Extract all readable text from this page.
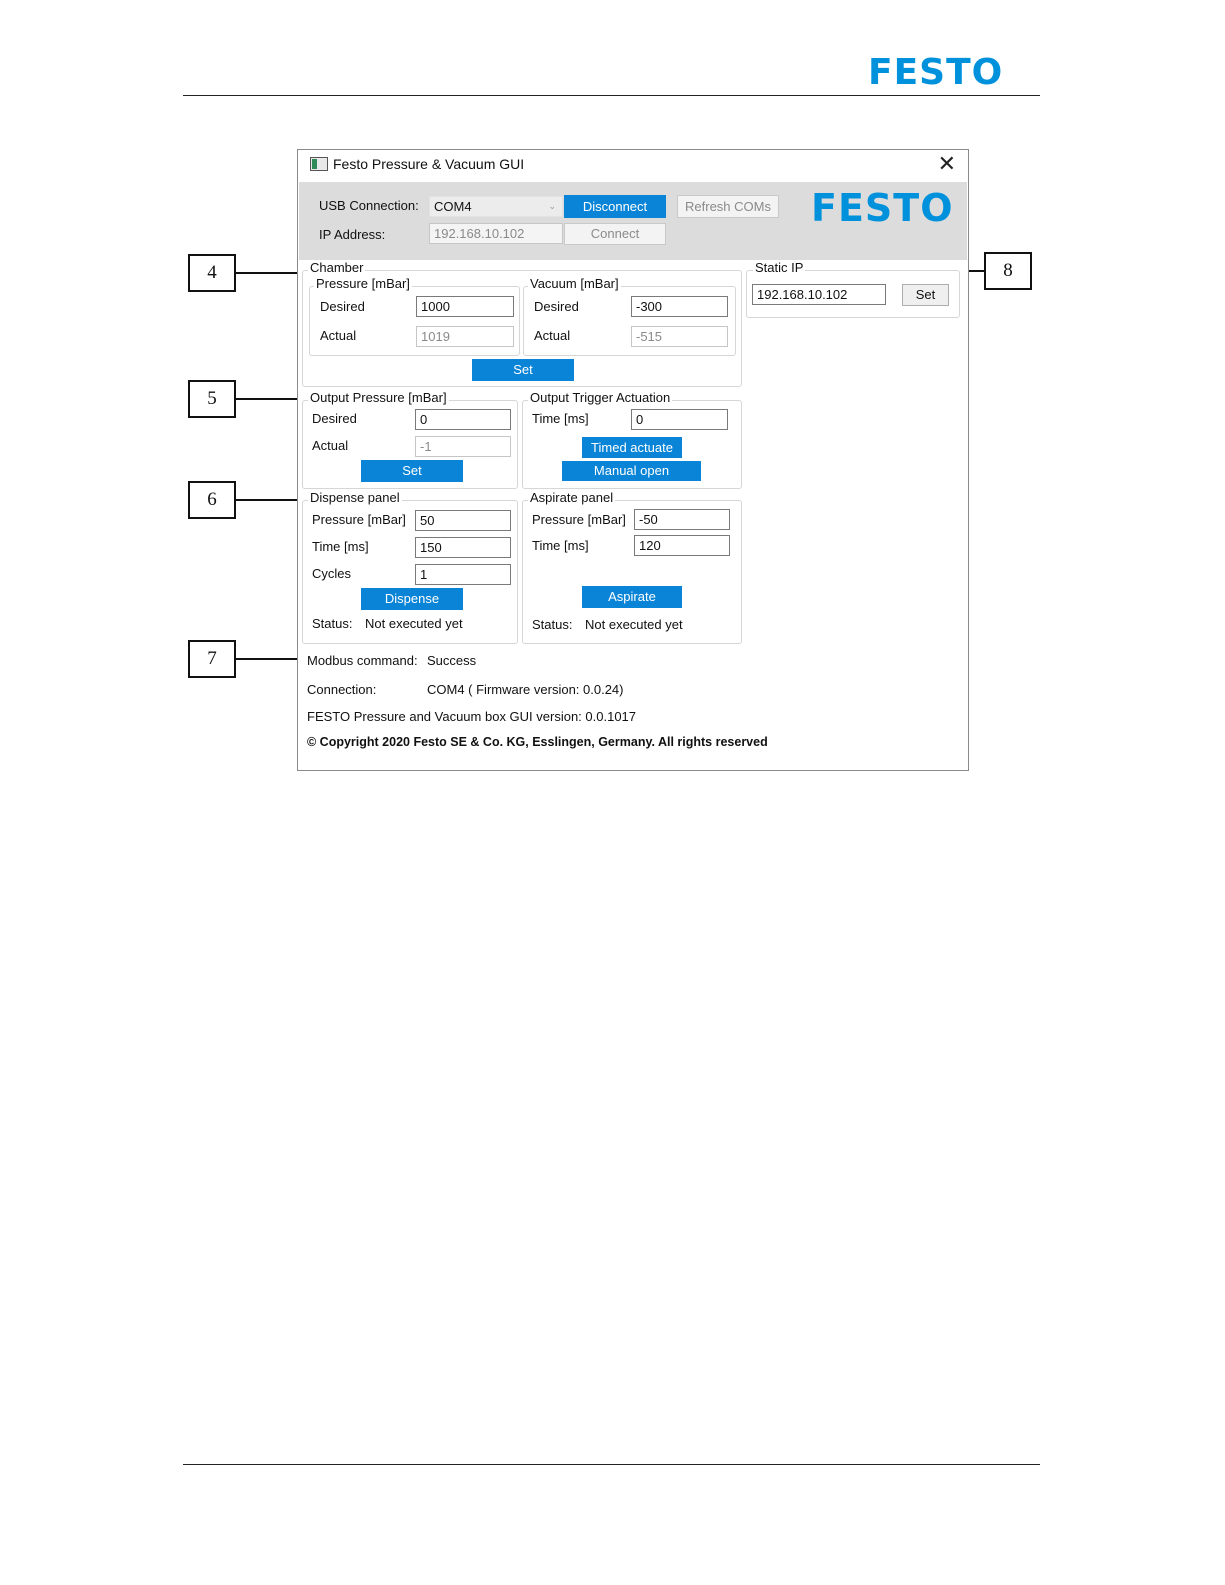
FESTO
4
5
6
7
8
Festo Pressure & Vacuum GUI	✕
USB Connection:	COM4	⌄	Disconnect	Refresh COMs
IP Address:	192.168.10.102	Connect
FESTO
Chamber
Pressure [mBar]
Desired	1000
Actual	1019
Vacuum [mBar]
Desired	-300
Actual	-515
Set
Static IP
192.168.10.102	Set
Output Pressure [mBar]
Desired	0
Actual	-1
Set
Output Trigger Actuation
Time [ms]	0
Timed actuate
Manual open
Dispense panel
Pressure [mBar]	50
Time [ms]	150
Cycles	1
Dispense
Status: Not executed yet
Aspirate panel
Pressure [mBar]	-50
Time [ms]	120
Aspirate
Status: Not executed yet
Modbus command: Success
Connection:	COM4 ( Firmware version: 0.0.24)
FESTO Pressure and Vacuum box GUI version: 0.0.1017
© Copyright 2020 Festo SE & Co. KG, Esslingen, Germany. All rights reserved
